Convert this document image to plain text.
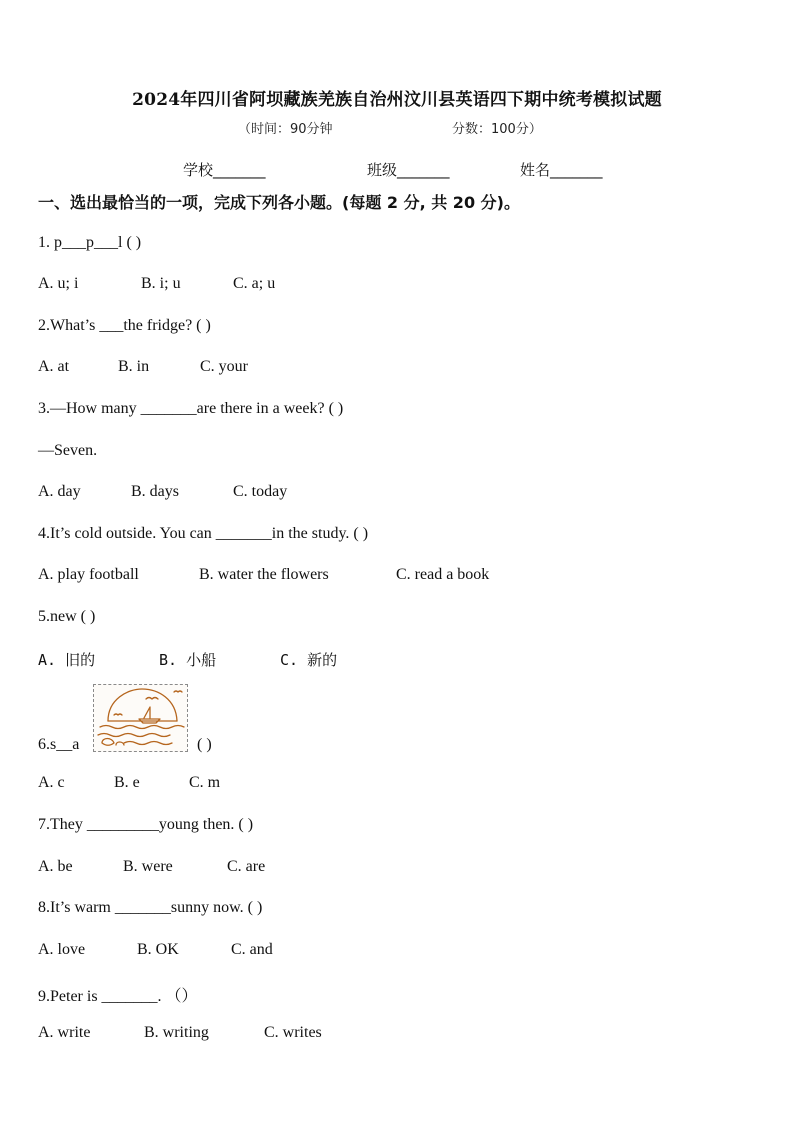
2024年四川省阿坝藏族羌族自治州汶川县英语四下期中统考模拟试题
（时间：90分钟	分数：100分）
学校_______	班级_______	姓名_______
一、选出最恰当的一项，完成下列各小题。(每题 2 分, 共 20 分)。
1. p___p___l ( )
A. u; i	B. i; u	C. a; u
2.What’s ___the fridge? ( )
A. at	B. in	C. your
3.—How many _______are there in a week? ( )
—Seven.
A. day	B. days	C. today
4.It’s cold outside. You can _______in the study. ( )
A. play football	B. water the flowers	C. read a book
5.new ( )
A. 旧的	B. 小船	C. 新的
6.s__a	( )
A. c	B. e	C. m
7.They _________young then. ( )
A. be	B. were	C. are
8.It’s warm _______sunny now. ( )
A. love	B. OK	C. and
9.Peter is _______. （）
A. write	B. writing	C. writes
